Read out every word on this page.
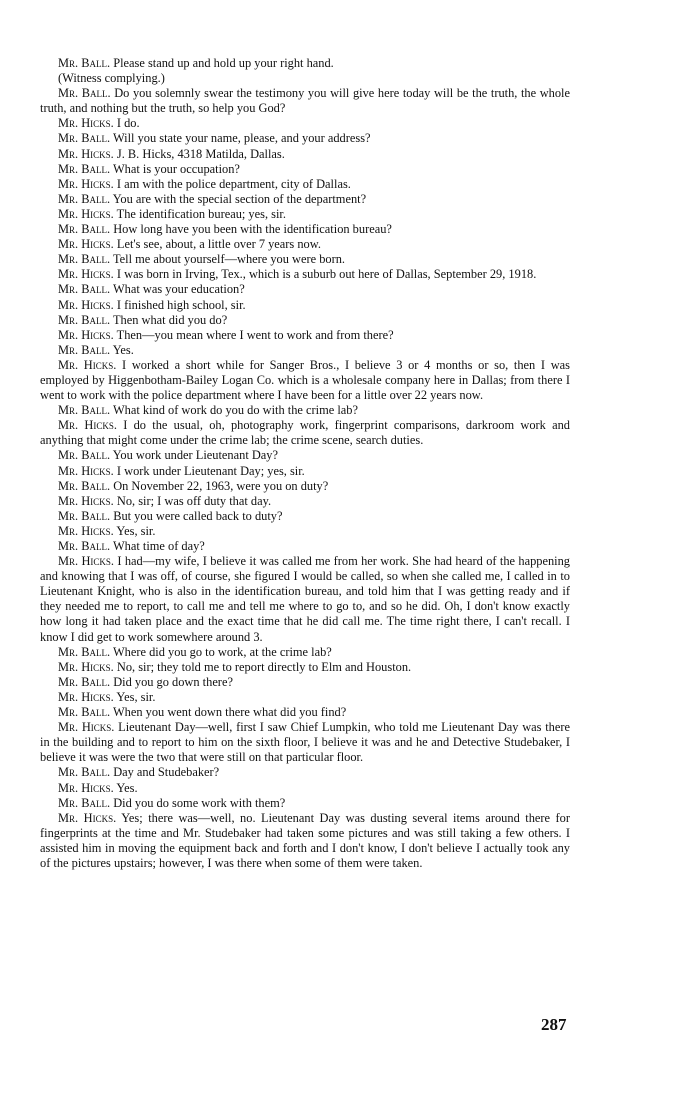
Mr. Ball. Please stand up and hold up your right hand.

(Witness complying.)

Mr. Ball. Do you solemnly swear the testimony you will give here today will be the truth, the whole truth, and nothing but the truth, so help you God?

Mr. Hicks. I do.

Mr. Ball. Will you state your name, please, and your address?

Mr. Hicks. J. B. Hicks, 4318 Matilda, Dallas.

Mr. Ball. What is your occupation?

Mr. Hicks. I am with the police department, city of Dallas.

Mr. Ball. You are with the special section of the department?

Mr. Hicks. The identification bureau; yes, sir.

Mr. Ball. How long have you been with the identification bureau?

Mr. Hicks. Let's see, about, a little over 7 years now.

Mr. Ball. Tell me about yourself—where you were born.

Mr. Hicks. I was born in Irving, Tex., which is a suburb out here of Dallas, September 29, 1918.

Mr. Ball. What was your education?

Mr. Hicks. I finished high school, sir.

Mr. Ball. Then what did you do?

Mr. Hicks. Then—you mean where I went to work and from there?

Mr. Ball. Yes.

Mr. Hicks. I worked a short while for Sanger Bros., I believe 3 or 4 months or so, then I was employed by Higgenbotham-Bailey Logan Co. which is a wholesale company here in Dallas; from there I went to work with the police department where I have been for a little over 22 years now.

Mr. Ball. What kind of work do you do with the crime lab?

Mr. Hicks. I do the usual, oh, photography work, fingerprint comparisons, darkroom work and anything that might come under the crime lab; the crime scene, search duties.

Mr. Ball. You work under Lieutenant Day?

Mr. Hicks. I work under Lieutenant Day; yes, sir.

Mr. Ball. On November 22, 1963, were you on duty?

Mr. Hicks. No, sir; I was off duty that day.

Mr. Ball. But you were called back to duty?

Mr. Hicks. Yes, sir.

Mr. Ball. What time of day?

Mr. Hicks. I had—my wife, I believe it was called me from her work. She had heard of the happening and knowing that I was off, of course, she figured I would be called, so when she called me, I called in to Lieutenant Knight, who is also in the identification bureau, and told him that I was getting ready and if they needed me to report, to call me and tell me where to go to, and so he did. Oh, I don't know exactly how long it had taken place and the exact time that he did call me. The time right there, I can't recall. I know I did get to work somewhere around 3.

Mr. Ball. Where did you go to work, at the crime lab?

Mr. Hicks. No, sir; they told me to report directly to Elm and Houston.

Mr. Ball. Did you go down there?

Mr. Hicks. Yes, sir.

Mr. Ball. When you went down there what did you find?

Mr. Hicks. Lieutenant Day—well, first I saw Chief Lumpkin, who told me Lieutenant Day was there in the building and to report to him on the sixth floor, I believe it was and he and Detective Studebaker, I believe it was were the two that were still on that particular floor.

Mr. Ball. Day and Studebaker?

Mr. Hicks. Yes.

Mr. Ball. Did you do some work with them?

Mr. Hicks. Yes; there was—well, no. Lieutenant Day was dusting several items around there for fingerprints at the time and Mr. Studebaker had taken some pictures and was still taking a few others. I assisted him in moving the equipment back and forth and I don't know, I don't believe I actually took any of the pictures upstairs; however, I was there when some of them were taken.

287
